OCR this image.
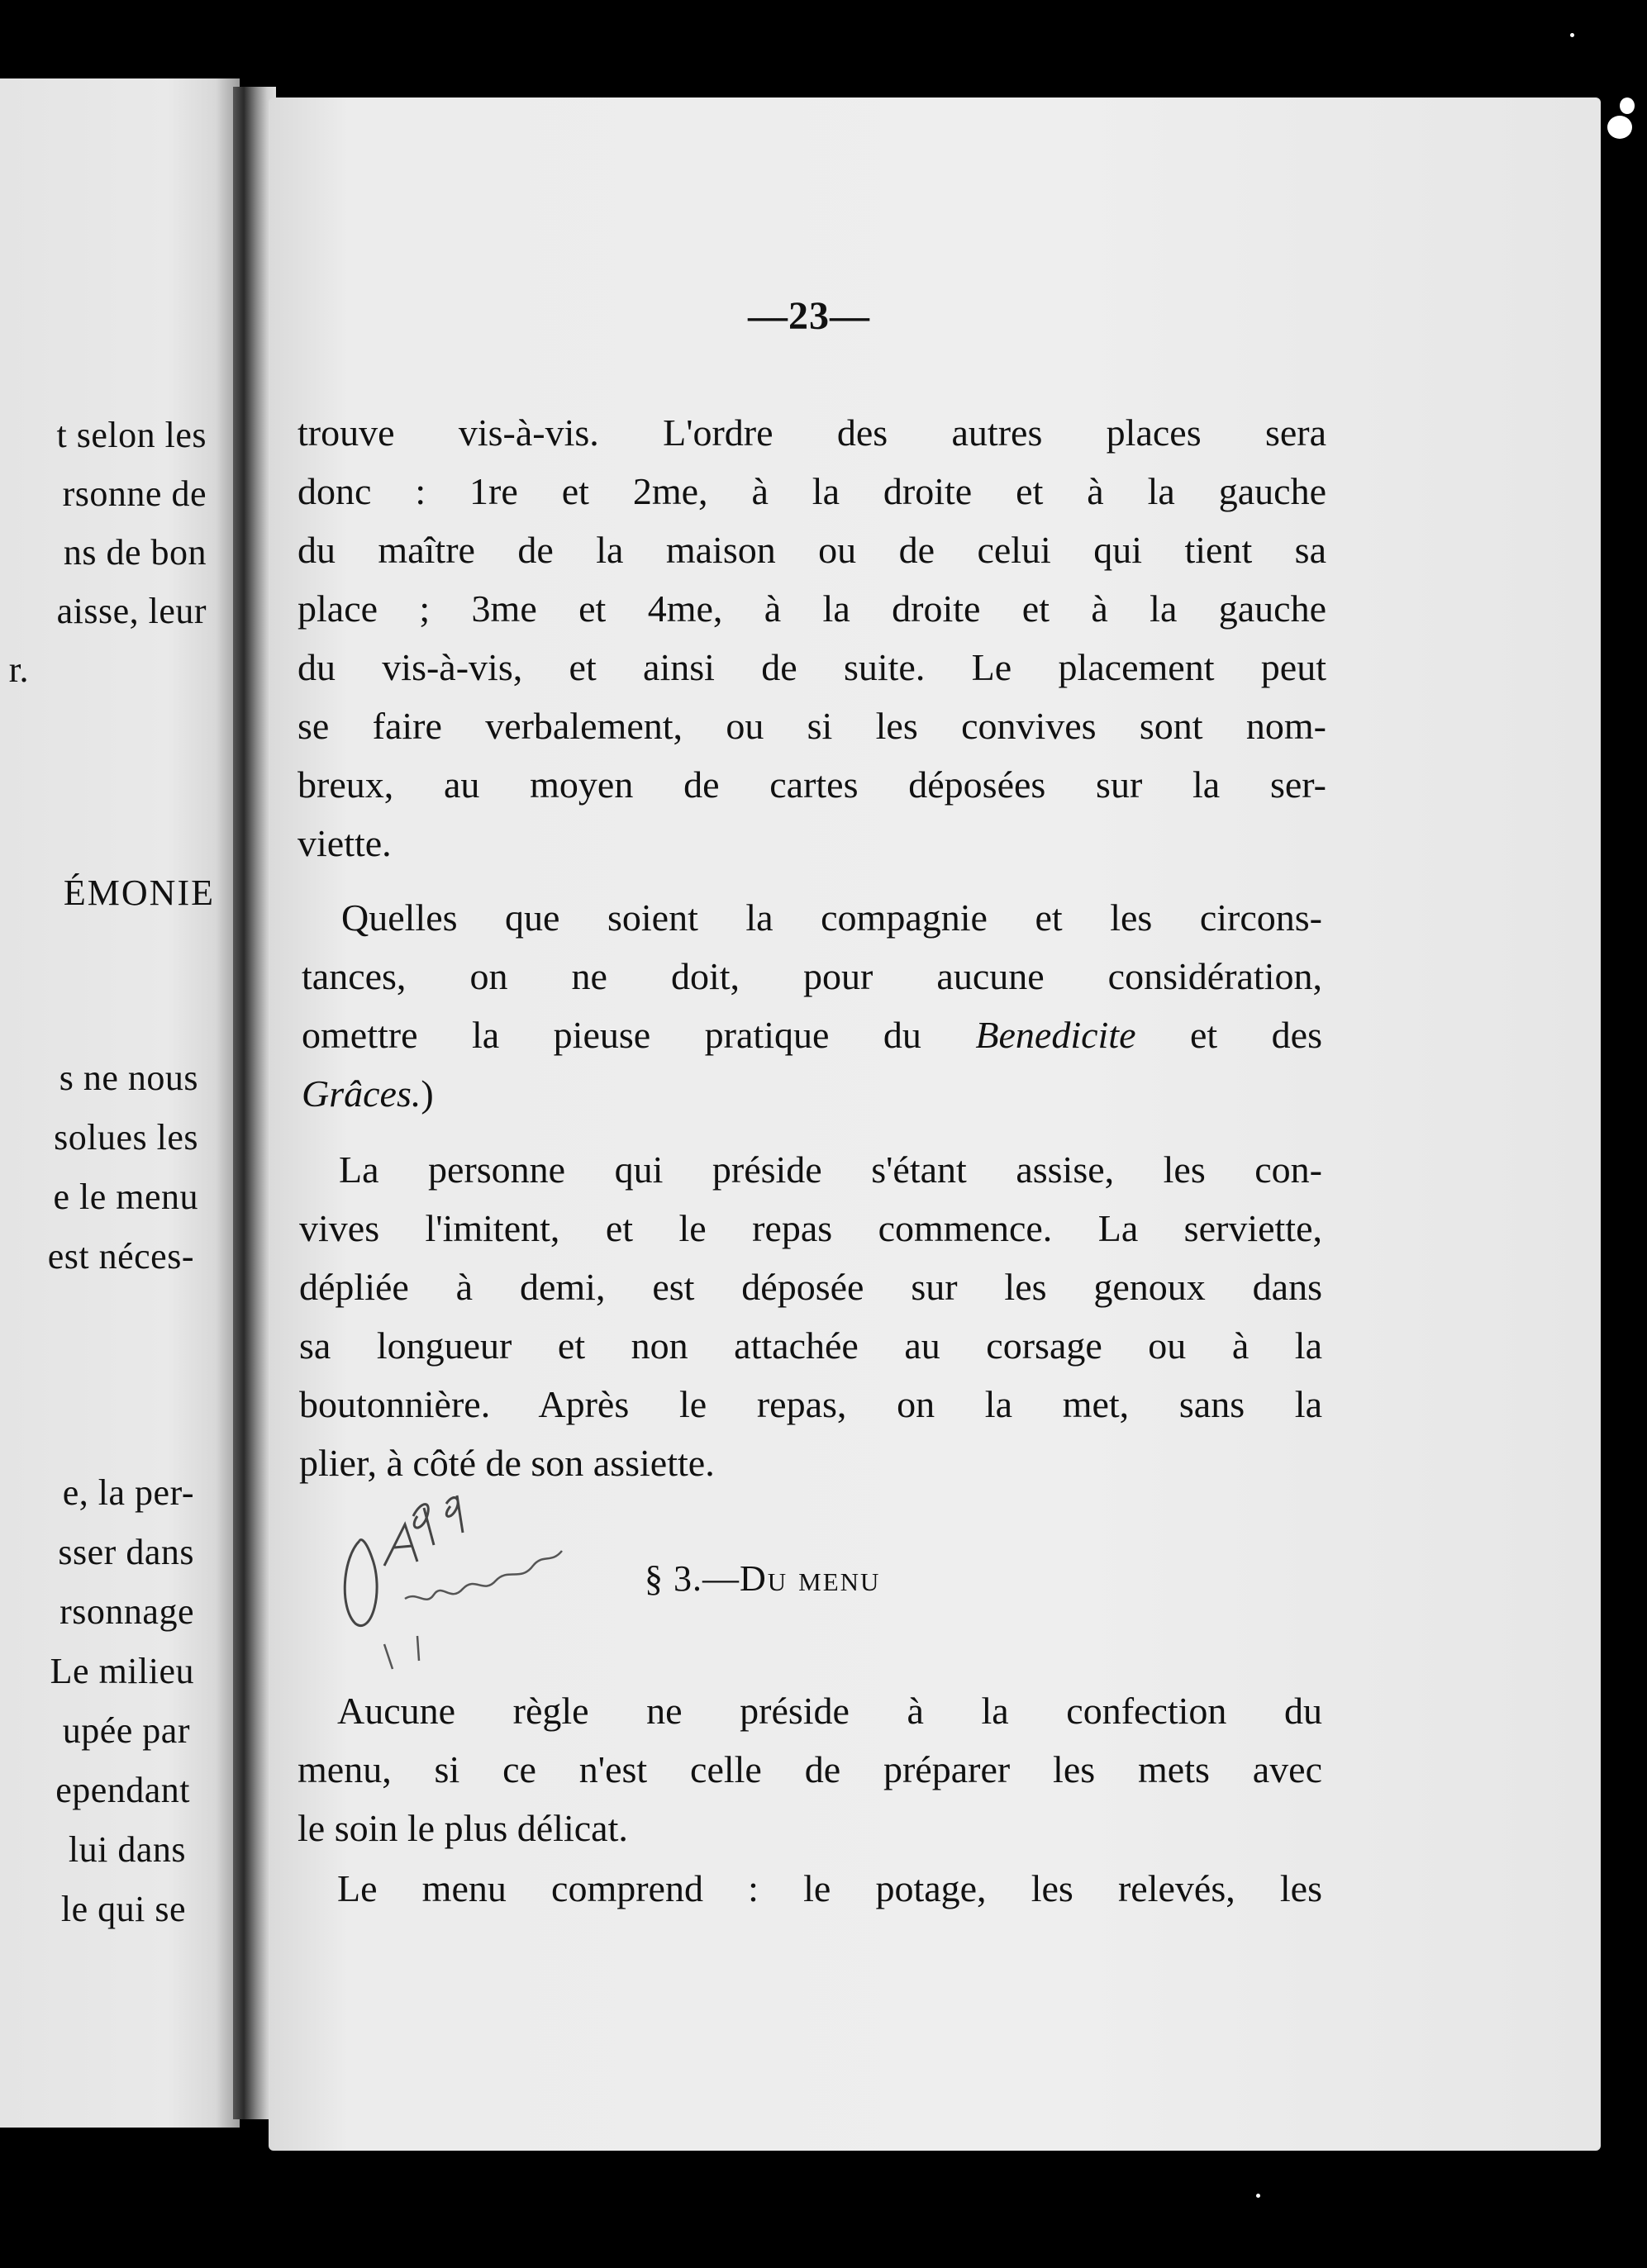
t selon les
rsonne de
ns de bon
aisse, leur
r.
ÉMONIE
s ne nous
solues les
e le menu
est néces-
e, la per-
sser dans
rsonnage
Le milieu
upée par
ependant
lui dans
le qui se
—23—
trouve vis-à-vis. L'ordre des autres places sera
donc : 1re et 2me, à la droite et à la gauche
du maître de la maison ou de celui qui tient sa
place ; 3me et 4me, à la droite et à la gauche
du vis-à-vis, et ainsi de suite. Le placement peut
se faire verbalement, ou si les convives sont nom-
breux, au moyen de cartes déposées sur la ser-
viette.
Quelles que soient la compagnie et les circons-
tances, on ne doit, pour aucune considération,
omettre la pieuse pratique du Benedicite et des
Grâces.)
La personne qui préside s'étant assise, les con-
vives l'imitent, et le repas commence. La serviette,
dépliée à demi, est déposée sur les genoux dans
sa longueur et non attachée au corsage ou à la
boutonnière. Après le repas, on la met, sans la
plier, à côté de son assiette.
§ 3.—Du menu
Aucune règle ne préside à la confection du
menu, si ce n'est celle de préparer les mets avec
le soin le plus délicat.
Le menu comprend : le potage, les relevés, les
